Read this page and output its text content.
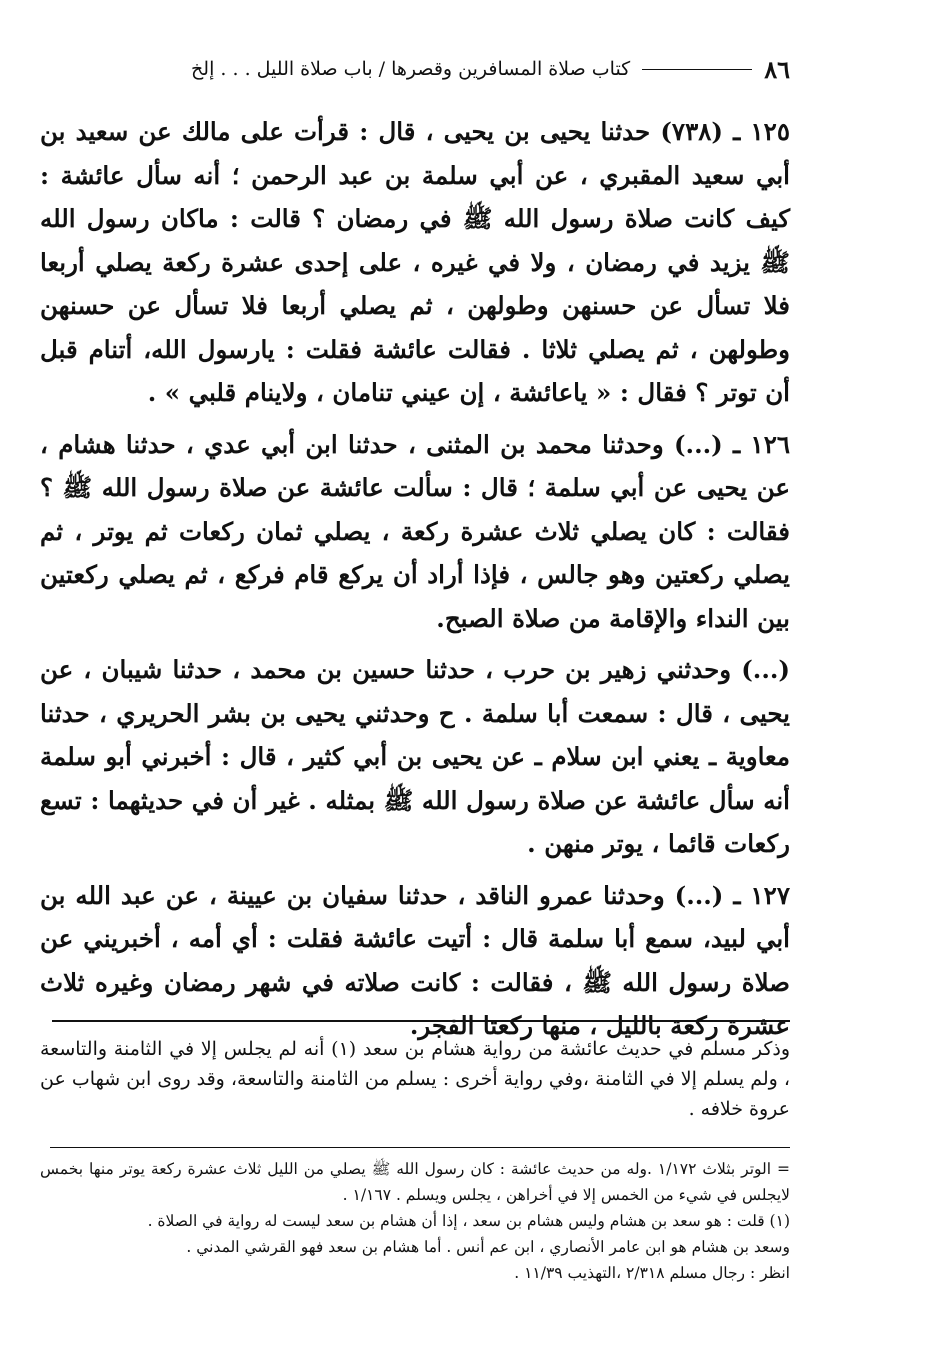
٨٦
كتاب صلاة المسافرين وقصرها / باب صلاة الليل . . . إلخ

١٢٥ ـ (٧٣٨) حدثنا يحيى بن يحيى ، قال : قرأت على مالك عن سعيد بن أبي سعيد المقبري ، عن أبي سلمة بن عبد الرحمن ؛ أنه سأل عائشة : كيف كانت صلاة رسول الله ﷺ في رمضان ؟ قالت : ماكان رسول الله ﷺ يزيد في رمضان ، ولا في غيره ، على إحدى عشرة ركعة يصلي أربعا فلا تسأل عن حسنهن وطولهن ، ثم يصلي أربعا فلا تسأل عن حسنهن وطولهن ، ثم يصلي ثلاثا . فقالت عائشة فقلت : يارسول الله، أتنام قبل أن توتر ؟ فقال : « ياعائشة ، إن عيني تنامان ، ولاينام قلبي » .

١٢٦ ـ (...) وحدثنا محمد بن المثنى ، حدثنا ابن أبي عدي ، حدثنا هشام ، عن يحيى عن أبي سلمة ؛ قال : سألت عائشة عن صلاة رسول الله ﷺ ؟ فقالت : كان يصلي ثلاث عشرة ركعة ، يصلي ثمان ركعات ثم يوتر ، ثم يصلي ركعتين وهو جالس ، فإذا أراد أن يركع قام فركع ، ثم يصلي ركعتين بين النداء والإقامة من صلاة الصبح.

(...) وحدثني زهير بن حرب ، حدثنا حسين بن محمد ، حدثنا شيبان ، عن يحيى ، قال : سمعت أبا سلمة . ح وحدثني يحيى بن بشر الحريري ، حدثنا معاوية ـ يعني ابن سلام ـ عن يحيى بن أبي كثير ، قال : أخبرني أبو سلمة أنه سأل عائشة عن صلاة رسول الله ﷺ بمثله . غير أن في حديثهما : تسع ركعات قائما ، يوتر منهن .

١٢٧ ـ (...) وحدثنا عمرو الناقد ، حدثنا سفيان بن عيينة ، عن عبد الله بن أبي لبيد، سمع أبا سلمة قال : أتيت عائشة فقلت : أي أمه ، أخبريني عن صلاة رسول الله ﷺ ، فقالت : كانت صلاته في شهر رمضان وغيره ثلاث عشرة ركعة بالليل ، منها ركعتا الفجر.

وذكر مسلم في حديث عائشة من رواية هشام بن سعد (١) أنه لم يجلس إلا في الثامنة والتاسعة ، ولم يسلم إلا في الثامنة ،وفي رواية أخرى : يسلم من الثامنة والتاسعة، وقد روى ابن شهاب عن عروة خلافه .

= الوتر بثلاث ١/١٧٢ .وله من حديث عائشة : كان رسول الله ﷺ يصلي من الليل ثلاث عشرة ركعة يوتر منها بخمس لايجلس في شيء من الخمس إلا في أخراهن ، يجلس ويسلم . ١/١٦٧ .

(١) قلت : هو سعد بن هشام وليس هشام بن سعد ، إذا أن هشام بن سعد ليست له رواية في الصلاة .

وسعد بن هشام هو ابن عامر الأنصاري ، ابن عم أنس . أما هشام بن سعد فهو القرشي المدني .

انظر : رجال مسلم ٢/٣١٨ ،التهذيب ١١/٣٩ .
